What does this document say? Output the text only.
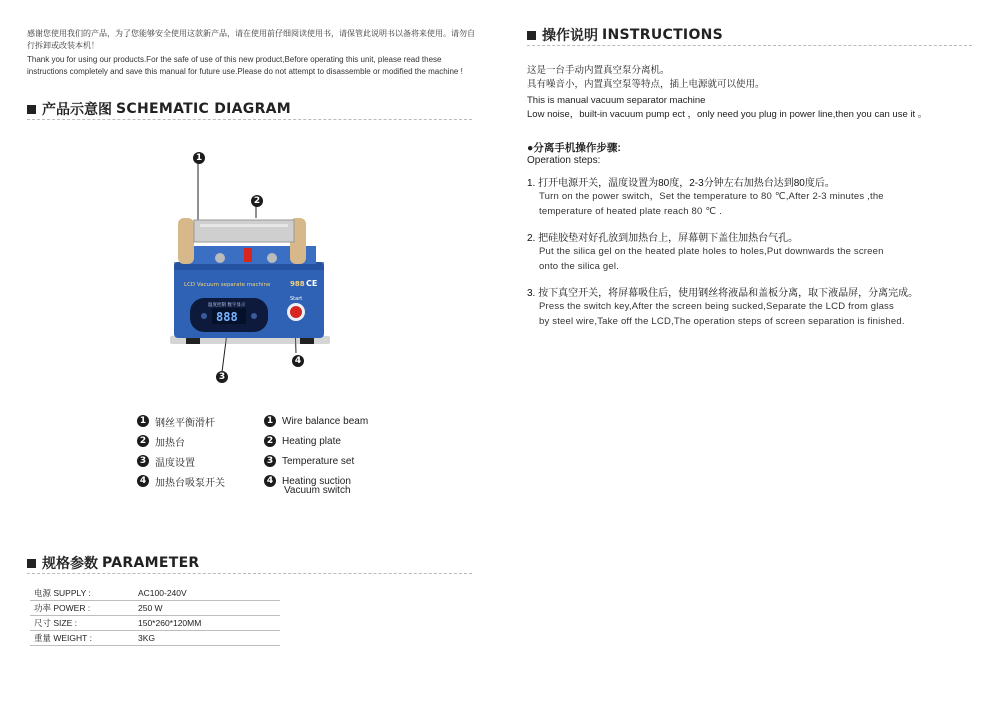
感谢您使用我们的产品，为了您能够安全使用这款新产品，请在使用前仔细阅读使用书，请保管此说明书以备将来使用。请勿自行拆卸或改装本机！

Thank you for using our products.For the safe of use of this new product,Before operating this unit, please read these instructions completely and save this manual for future use.Please do not attempt to disassemble or modified the machine !

产品示意图 SCHEMATIC DIAGRAM
LCD Vacuum separate machine	988 CE
温度控制 数字显示
888
Start
1
2
3
4
1 钢丝平衡滑杆
2 加热台
3 温度设置
4 加热台吸泵开关
1 Wire balance beam
2 Heating plate
3 Temperature set
4 Heating suction
Vacuum switch
规格参数 PARAMETER
电源 SUPPLY :	AC100-240V
功率 POWER :	250 W
尺寸 SIZE :	150*260*120MM
重量 WEIGHT :	3KG
操作说明 INSTRUCTIONS
这是一台手动内置真空泵分离机。
具有噪音小，内置真空泵等特点，插上电源就可以使用。
This is manual vacuum separator machine
Low noise，built-in vacuum pump ect ，only need you plug in power line,then you can use it 。
●分离手机操作步骤:
Operation steps:
1. 打开电源开关，温度设置为80度，2-3分钟左右加热台达到80度后。
Turn on the power switch，Set the temperature to 80 ℃,After 2-3 minutes ,the
temperature of heated plate reach 80 ℃ .
2. 把硅胶垫对好孔放到加热台上，屏幕朝下盖住加热台气孔。
Put the silica gel on the heated plate holes to holes,Put downwards the screen
onto the silica gel.
3. 按下真空开关，将屏幕吸住后，使用钢丝将液晶和盖板分离，取下液晶屏，分离完成。
Press the switch key,After the screen being sucked,Separate the LCD from glass
by steel wire,Take off the LCD,The operation steps of screen separation is finished.
